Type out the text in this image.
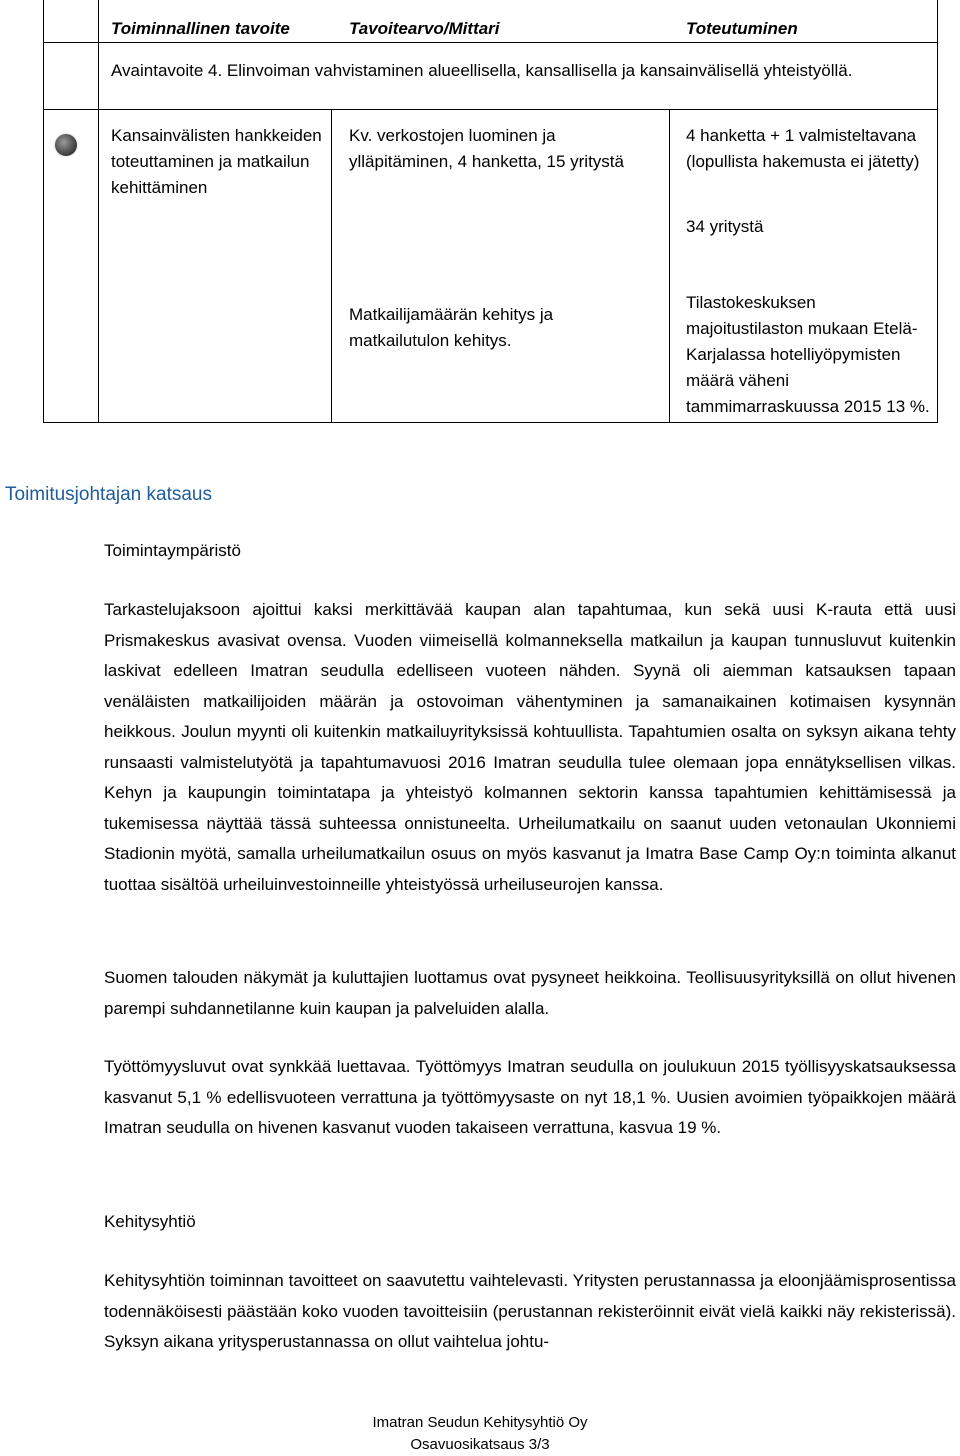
Toiminnallinen tavoite	Tavoitearvo/Mittari	Toteutuminen
Avaintavoite 4. Elinvoiman vahvistaminen alueellisella, kansallisella ja kansainvälisellä yhteistyöllä.
Kansainvälisten hankkeiden toteuttaminen ja matkailun kehittäminen
Kv. verkostojen luominen ja ylläpitäminen, 4 hanketta, 15 yritystä
4 hanketta + 1 valmisteltavana (lopullista hakemusta ei jätetty)
34 yritystä
Matkailijamäärän kehitys ja matkailutulon kehitys.
Tilastokeskuksen majoitustilaston mukaan Etelä-Karjalassa hotelliyöpymisten määrä väheni tammimarraskuussa 2015 13 %.
Toimitusjohtajan katsaus
Toimintaympäristö
Tarkastelujaksoon ajoittui kaksi merkittävää kaupan alan tapahtumaa, kun sekä uusi K-rauta että uusi Prismakeskus avasivat ovensa. Vuoden viimeisellä kolmanneksella matkailun ja kaupan tunnusluvut kuitenkin laskivat edelleen Imatran seudulla edelliseen vuoteen nähden. Syynä oli aiemman katsauksen tapaan venäläisten matkailijoiden määrän ja ostovoiman vähentyminen ja samanaikainen kotimaisen kysynnän heikkous. Joulun myynti oli kuitenkin matkailuyrityksissä kohtuullista. Tapahtumien osalta on syksyn aikana tehty runsaasti valmistelutyötä ja tapahtumavuosi 2016 Imatran seudulla tulee olemaan jopa ennätyksellisen vilkas. Kehyn ja kaupungin toimintatapa ja yhteistyö kolmannen sektorin kanssa tapahtumien kehittämisessä ja tukemisessa näyttää tässä suhteessa onnistuneelta. Urheilumatkailu on saanut uuden vetonaulan Ukonniemi Stadionin myötä, samalla urheilumatkailun osuus on myös kasvanut ja Imatra Base Camp Oy:n toiminta alkanut tuottaa sisältöä urheiluinvestoinneille yhteistyössä urheiluseurojen kanssa.
Suomen talouden näkymät ja kuluttajien luottamus ovat pysyneet heikkoina. Teollisuusyrityksillä on ollut hivenen parempi suhdannetilanne kuin kaupan ja palveluiden alalla.
Työttömyysluvut ovat synkkää luettavaa. Työttömyys Imatran seudulla on joulukuun 2015 työllisyyskatsauksessa kasvanut 5,1 % edellisvuoteen verrattuna ja työttömyysaste on nyt 18,1 %. Uusien avoimien työpaikkojen määrä Imatran seudulla on hivenen kasvanut vuoden takaiseen verrattuna, kasvua 19 %.
Kehitysyhtiö
Kehitysyhtiön toiminnan tavoitteet on saavutettu vaihtelevasti. Yritysten perustannassa ja eloonjäämisprosentissa todennäköisesti päästään koko vuoden tavoitteisiin (perustannan rekisteröinnit eivät vielä kaikki näy rekisterissä). Syksyn aikana yritysperustannassa on ollut vaihtelua johtu-
Imatran Seudun Kehitysyhtiö Oy
Osavuosikatsaus 3/3
